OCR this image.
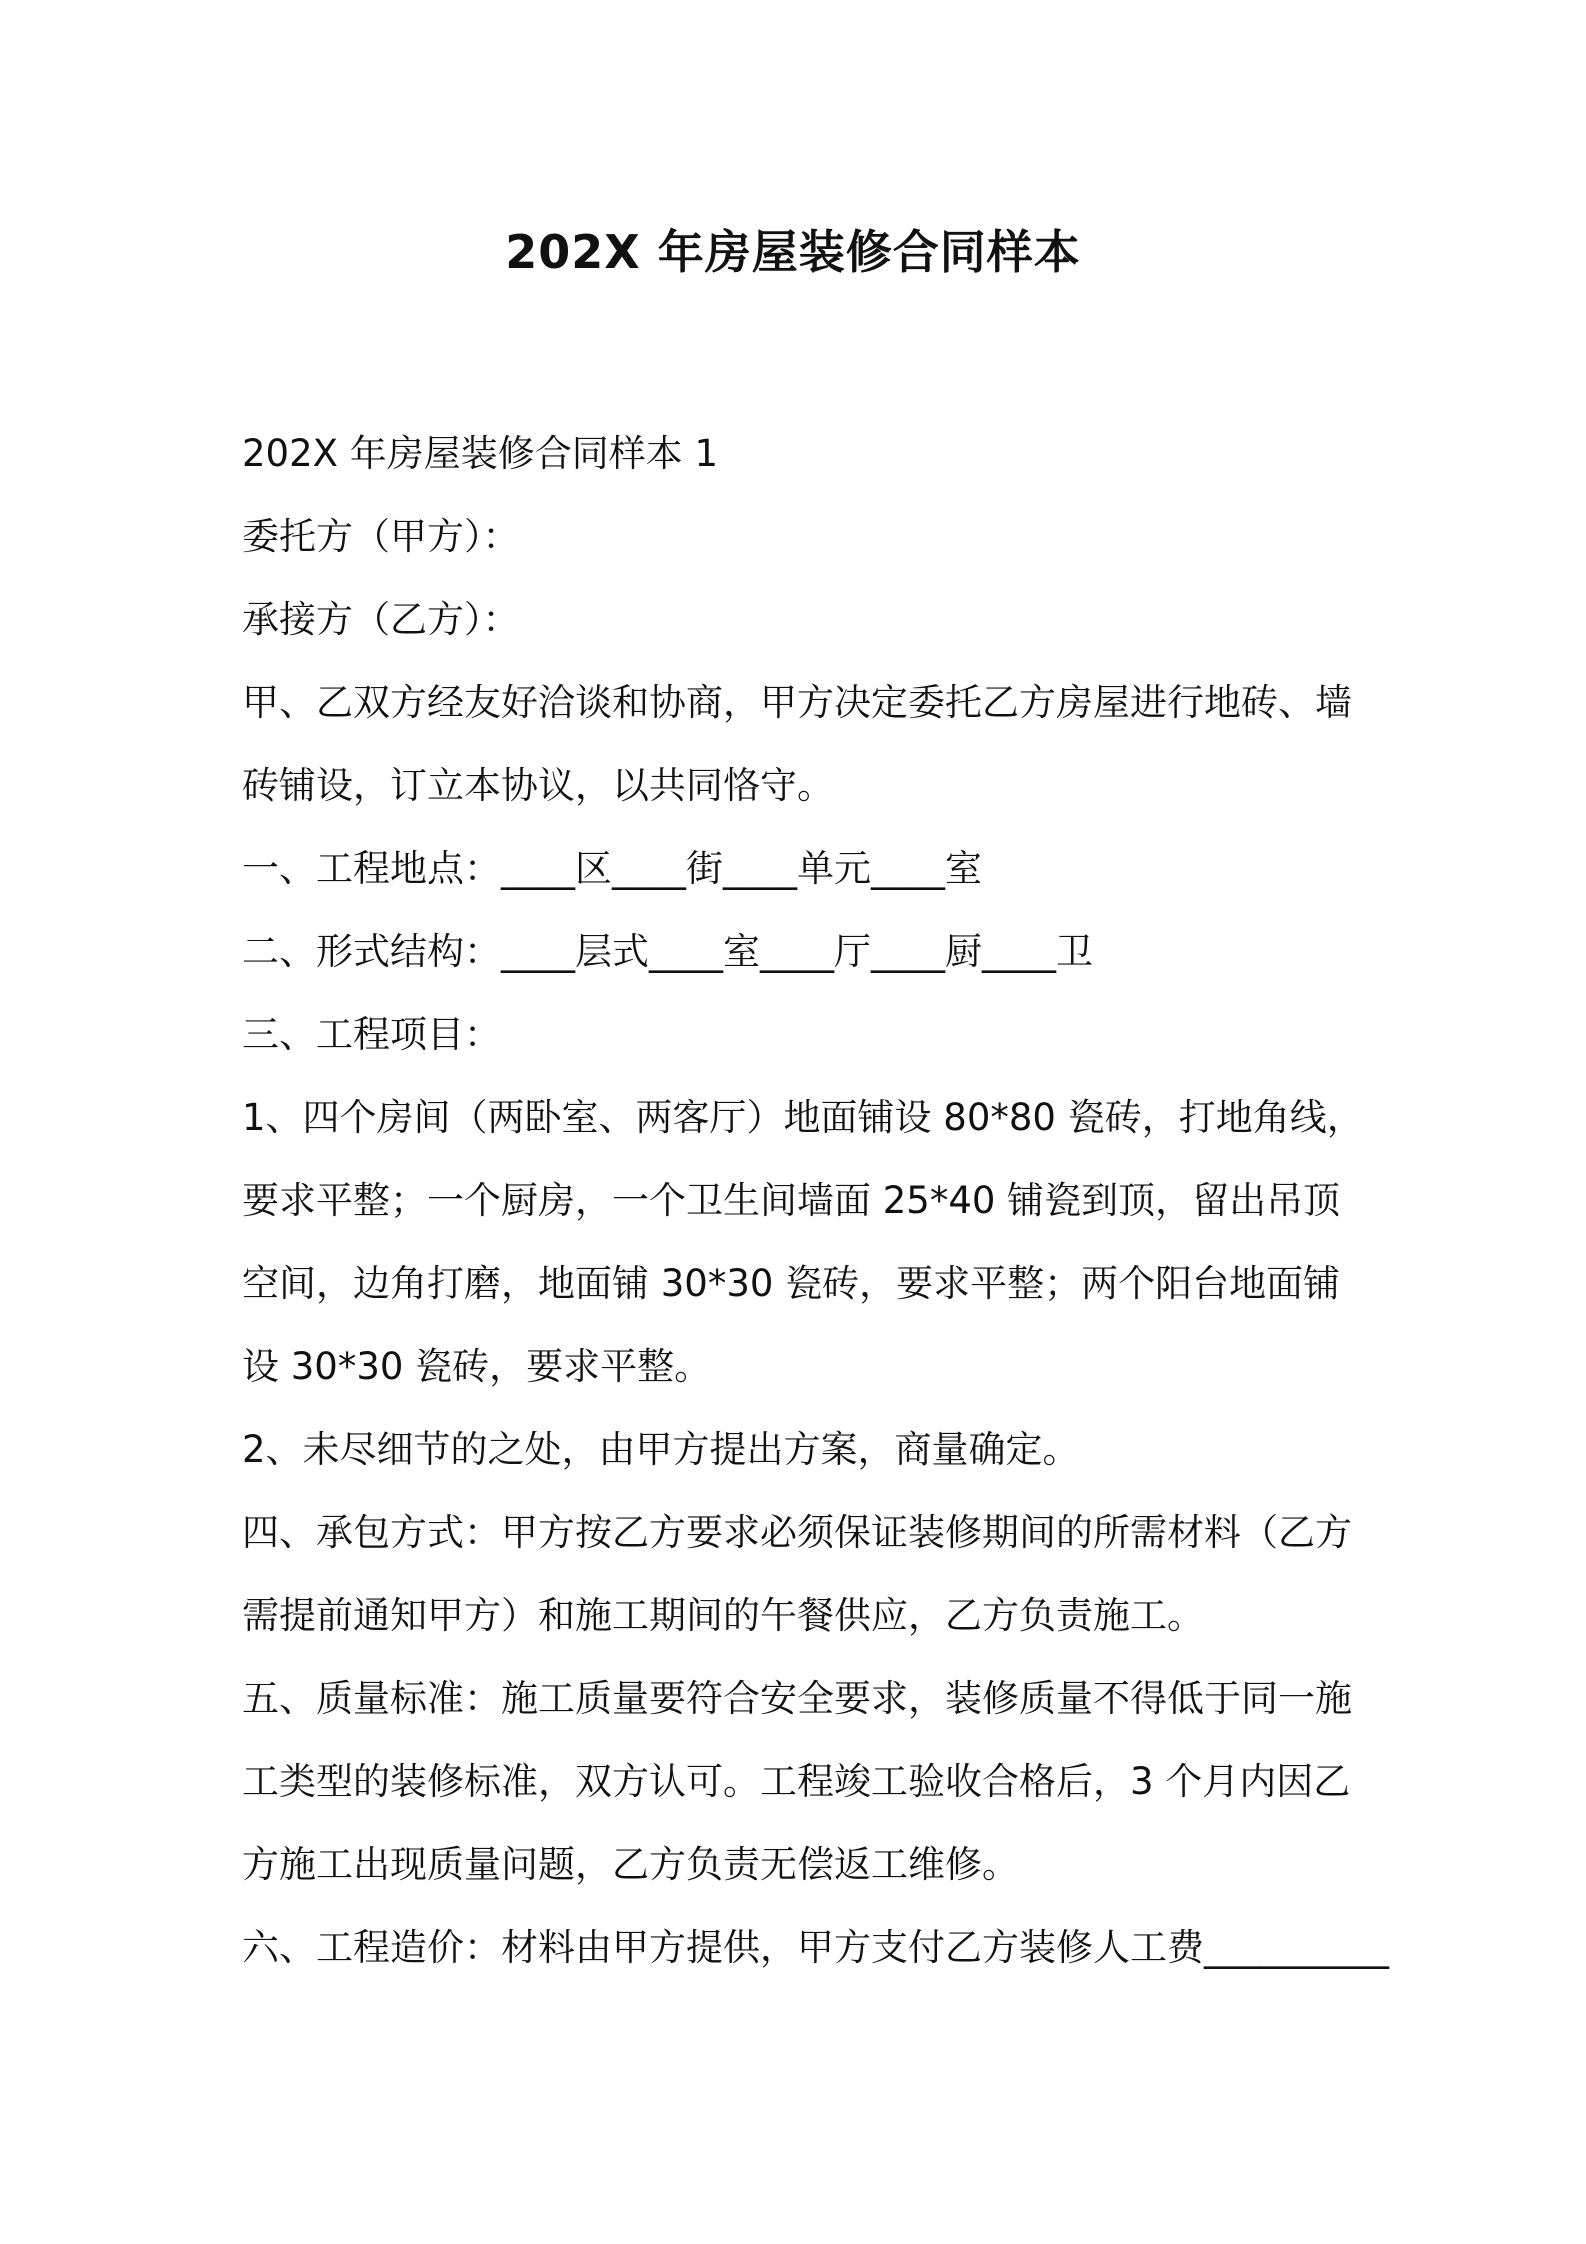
202X 年房屋装修合同样本
202X 年房屋装修合同样本 1
委托方（甲方）：
承接方（乙方）：
甲、乙双方经友好洽谈和协商，甲方决定委托乙方房屋进行地砖、墙
砖铺设，订立本协议，以共同恪守。
一、工程地点：____区____街____单元____室
二、形式结构：____层式____室____厅____厨____卫
三、工程项目：
1、四个房间（两卧室、两客厅）地面铺设 80*80 瓷砖，打地角线，
要求平整；一个厨房，一个卫生间墙面 25*40 铺瓷到顶，留出吊顶
空间，边角打磨，地面铺 30*30 瓷砖，要求平整；两个阳台地面铺
设 30*30 瓷砖，要求平整。
2、未尽细节的之处，由甲方提出方案，商量确定。
四、承包方式：甲方按乙方要求必须保证装修期间的所需材料（乙方
需提前通知甲方）和施工期间的午餐供应，乙方负责施工。
五、质量标准：施工质量要符合安全要求，装修质量不得低于同一施
工类型的装修标准，双方认可。工程竣工验收合格后，3 个月内因乙
方施工出现质量问题，乙方负责无偿返工维修。
六、工程造价：材料由甲方提供，甲方支付乙方装修人工费__________
